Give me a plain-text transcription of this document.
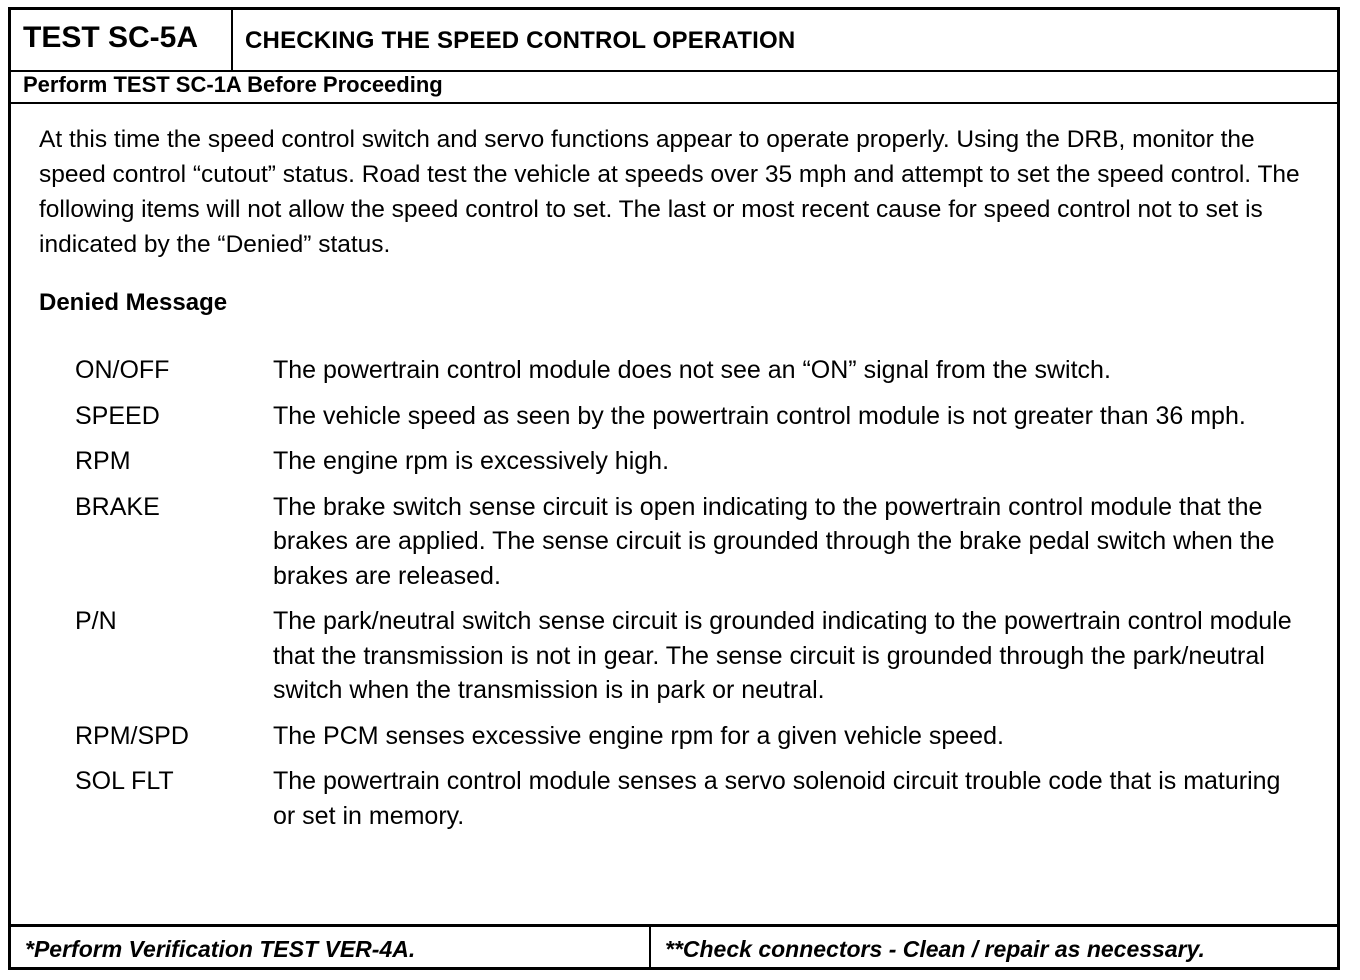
TEST SC-5A	CHECKING THE SPEED CONTROL OPERATION
Perform TEST SC-1A Before Proceeding
At this time the speed control switch and servo functions appear to operate properly. Using the DRB, monitor the speed control “cutout” status. Road test the vehicle at speeds over 35 mph and attempt to set the speed control. The following items will not allow the speed control to set. The last or most recent cause for speed control not to set is indicated by the “Denied” status.
Denied Message
ON/OFF	The powertrain control module does not see an “ON” signal from the switch.
SPEED	The vehicle speed as seen by the powertrain control module is not greater than 36 mph.
RPM	The engine rpm is excessively high.
BRAKE	The brake switch sense circuit is open indicating to the powertrain control module that the brakes are applied. The sense circuit is grounded through the brake pedal switch when the brakes are released.
P/N	The park/neutral switch sense circuit is grounded indicating to the powertrain control module that the transmission is not in gear. The sense circuit is grounded through the park/neutral switch when the transmission is in park or neutral.
RPM/SPD	The PCM senses excessive engine rpm for a given vehicle speed.
SOL FLT	The powertrain control module senses a servo solenoid circuit trouble code that is maturing or set in memory.
*Perform Verification TEST VER-4A.	**Check connectors - Clean / repair as necessary.
